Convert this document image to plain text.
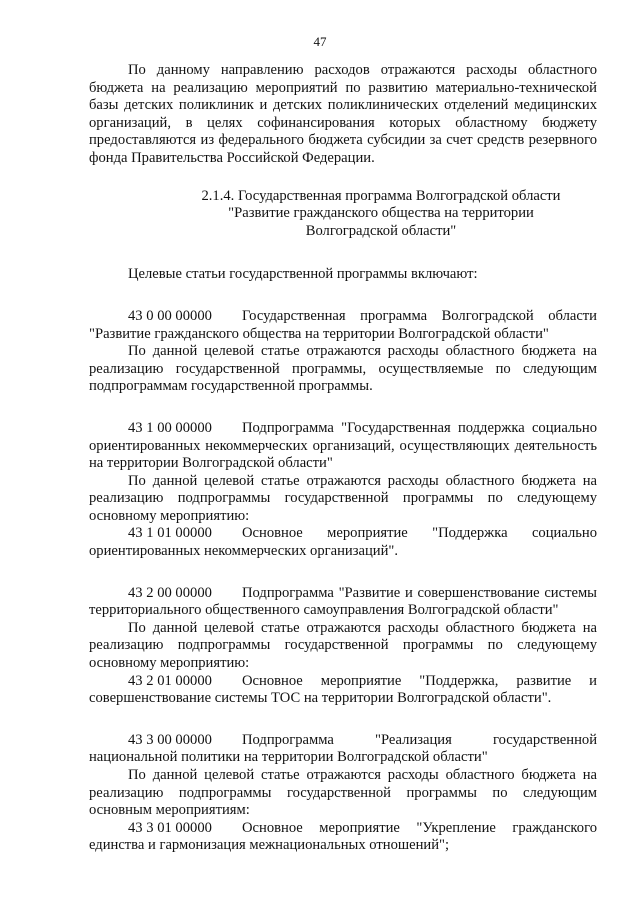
47

По данному направлению расходов отражаются расходы областного бюджета на реализацию мероприятий по развитию материально-технической базы детских поликлиник и детских поликлинических отделений медицинских организаций, в целях софинансирования которых областному бюджету предоставляются из федерального бюджета субсидии за счет средств резервного фонда Правительства Российской Федерации.

2.1.4. Государственная программа Волгоградской области
"Развитие гражданского общества на территории
Волгоградской области"

Целевые статьи государственной программы включают:

43 0 00 00000 Государственная программа Волгоградской области "Развитие гражданского общества на территории Волгоградской области"

По данной целевой статье отражаются расходы областного бюджета на реализацию государственной программы, осуществляемые по следующим подпрограммам государственной программы.

43 1 00 00000 Подпрограмма "Государственная поддержка социально ориентированных некоммерческих организаций, осуществляющих деятельность на территории Волгоградской области"

По данной целевой статье отражаются расходы областного бюджета на реализацию подпрограммы государственной программы по следующему основному мероприятию:

43 1 01 00000 Основное мероприятие "Поддержка социально ориентированных некоммерческих организаций".

43 2 00 00000 Подпрограмма "Развитие и совершенствование системы территориального общественного самоуправления Волгоградской области"

По данной целевой статье отражаются расходы областного бюджета на реализацию подпрограммы государственной программы по следующему основному мероприятию:

43 2 01 00000 Основное мероприятие "Поддержка, развитие и совершенствование системы ТОС на территории Волгоградской области".

43 3 00 00000 Подпрограмма "Реализация государственной национальной политики на территории Волгоградской области"

По данной целевой статье отражаются расходы областного бюджета на реализацию подпрограммы государственной программы по следующим основным мероприятиям:

43 3 01 00000 Основное мероприятие "Укрепление гражданского единства и гармонизация межнациональных отношений";
